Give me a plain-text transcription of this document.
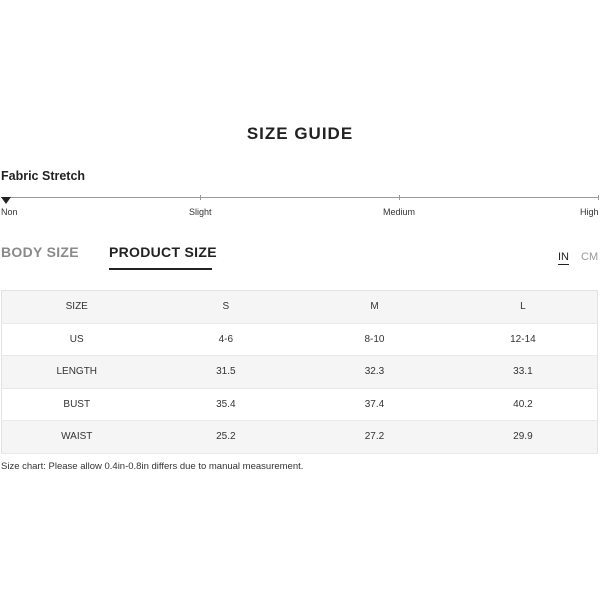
SIZE GUIDE
Fabric Stretch
Non	Slight	Medium	High
BODY SIZE PRODUCT SIZE	IN CM
SIZE	S	M	L
US	4-6	8-10	12-14
LENGTH	31.5	32.3	33.1
BUST	35.4	37.4	40.2
WAIST	25.2	27.2	29.9
Size chart: Please allow 0.4in-0.8in differs due to manual measurement.
